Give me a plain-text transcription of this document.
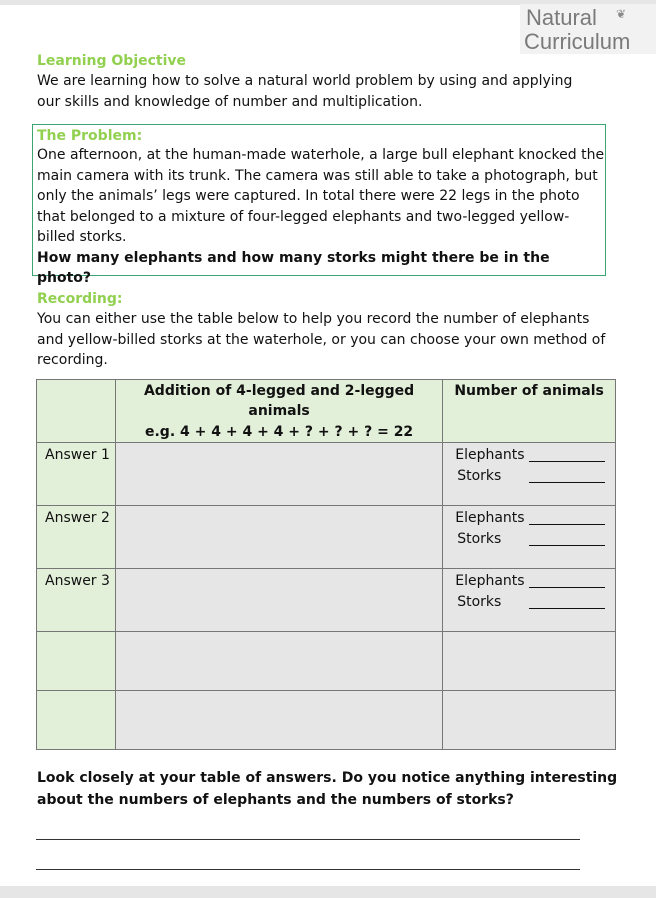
Natural ❦
Curriculum
Learning Objective
We are learning how to solve a natural world problem by using and applying our skills and knowledge of number and multiplication.
The Problem:
One afternoon, at the human-made waterhole, a large bull elephant knocked the
main camera with its trunk. The camera was still able to take a photograph, but
only the animals’ legs were captured. In total there were 22 legs in the photo
that belonged to a mixture of four-legged elephants and two-legged yellow-
billed storks.
How many elephants and how many storks might there be in the photo?
Recording:
You can either use the table below to help you record the number of elephants
and yellow-billed storks at the waterhole, or you can choose your own method of
recording.

	Addition of 4-legged and 2-legged animals
e.g. 4 + 4 + 4 + 4 + ? + ? + ? = 22	Number of animals

Answer 1		Elephants
Storks

Answer 2		Elephants
Storks

Answer 3		Elephants
Storks

Look closely at your table of answers. Do you notice anything interesting
about the numbers of elephants and the numbers of storks?
